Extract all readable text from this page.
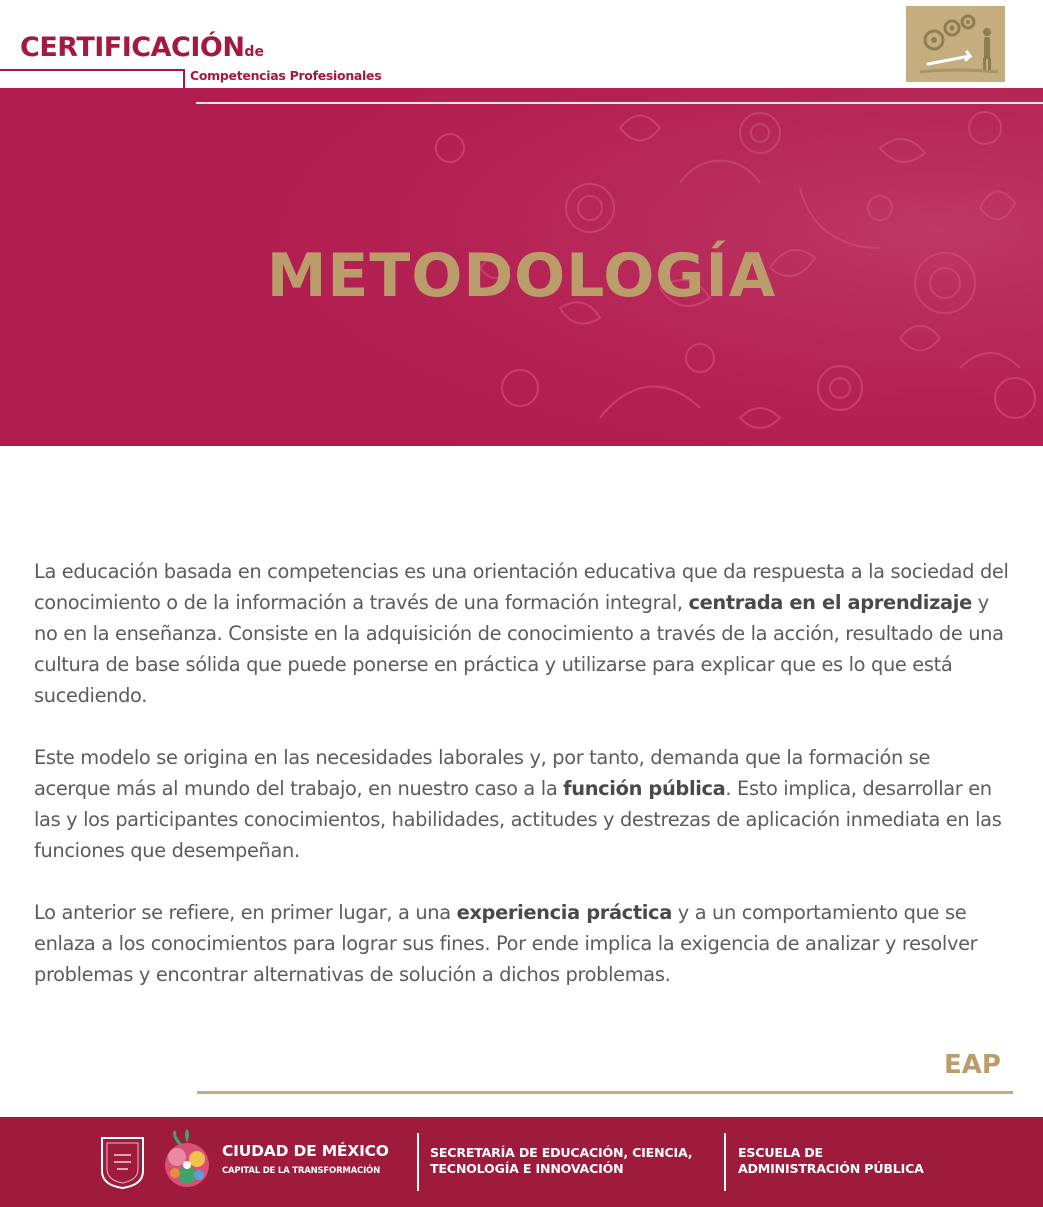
CERTIFICACIÓNde
Competencias Profesionales
METODOLOGÍA

La educación basada en competencias es una orientación educativa que da respuesta a la sociedad del conocimiento o de la información a través de una formación integral, centrada en el aprendizaje y no en la enseñanza. Consiste en la adquisición de conocimiento a través de la acción, resultado de una cultura de base sólida que puede ponerse en práctica y utilizarse para explicar que es lo que está sucediendo.

Este modelo se origina en las necesidades laborales y, por tanto, demanda que la formación se acerque más al mundo del trabajo, en nuestro caso a la función pública. Esto implica, desarrollar en las y los participantes conocimientos, habilidades, actitudes y destrezas de aplicación inmediata en las funciones que desempeñan.

Lo anterior se refiere, en primer lugar, a una experiencia práctica y a un comportamiento que se enlaza a los conocimientos para lograr sus fines. Por ende implica la exigencia de analizar y resolver problemas y encontrar alternativas de solución a dichos problemas.

EAP
CIUDAD DE MÉXICO
CAPITAL DE LA TRANSFORMACIÓN
SECRETARÍA DE EDUCACIÓN, CIENCIA,
TECNOLOGÍA E INNOVACIÓN
ESCUELA DE
ADMINISTRACIÓN PÚBLICA
